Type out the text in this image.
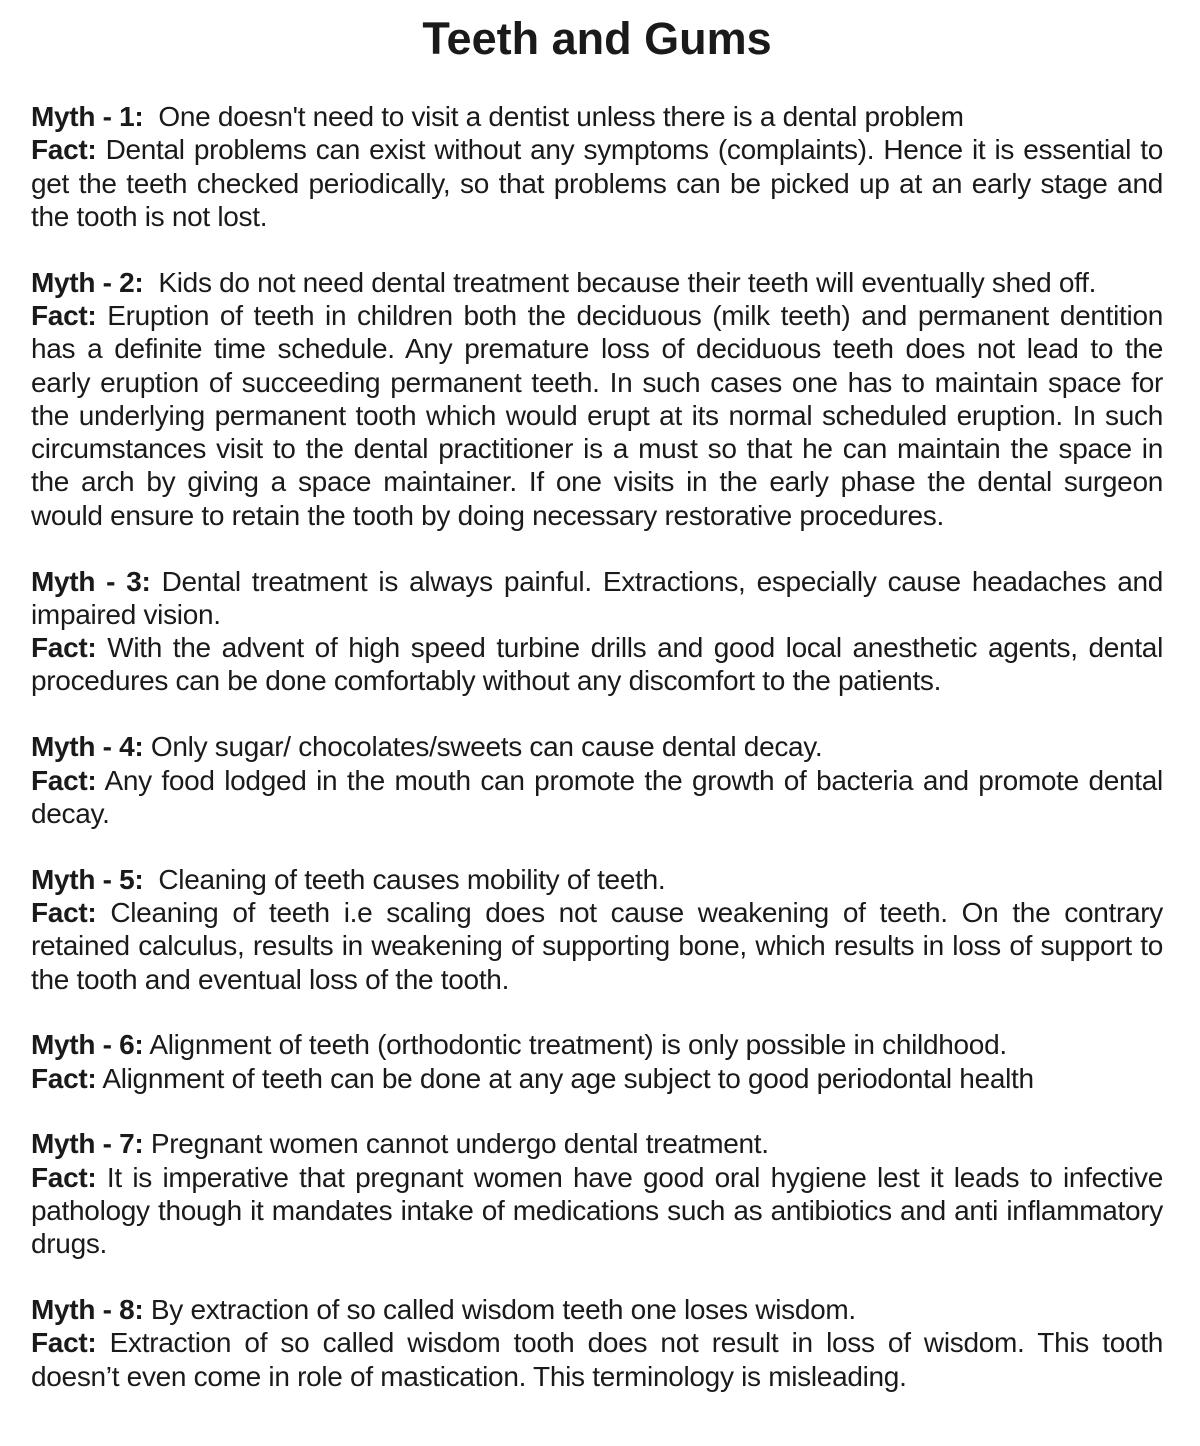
Teeth and Gums
Myth - 1: One doesn't need to visit a dentist unless there is a dental problem
Fact: Dental problems can exist without any symptoms (complaints). Hence it is essential to get the teeth checked periodically, so that problems can be picked up at an early stage and the tooth is not lost.
Myth - 2: Kids do not need dental treatment because their teeth will eventually shed off.
Fact: Eruption of teeth in children both the deciduous (milk teeth) and permanent dentition has a definite time schedule. Any premature loss of deciduous teeth does not lead to the early eruption of succeeding permanent teeth. In such cases one has to maintain space for the underlying permanent tooth which would erupt at its normal scheduled eruption. In such circumstances visit to the dental practitioner is a must so that he can maintain the space in the arch by giving a space maintainer. If one visits in the early phase the dental surgeon would ensure to retain the tooth by doing necessary restorative procedures.
Myth - 3: Dental treatment is always painful. Extractions, especially cause headaches and impaired vision.
Fact: With the advent of high speed turbine drills and good local anesthetic agents, dental procedures can be done comfortably without any discomfort to the patients.
Myth - 4: Only sugar/ chocolates/sweets can cause dental decay.
Fact: Any food lodged in the mouth can promote the growth of bacteria and promote dental decay.
Myth - 5: Cleaning of teeth causes mobility of teeth.
Fact: Cleaning of teeth i.e scaling does not cause weakening of teeth. On the contrary retained calculus, results in weakening of supporting bone, which results in loss of support to the tooth and eventual loss of the tooth.
Myth - 6: Alignment of teeth (orthodontic treatment) is only possible in childhood.
Fact: Alignment of teeth can be done at any age subject to good periodontal health
Myth - 7: Pregnant women cannot undergo dental treatment.
Fact: It is imperative that pregnant women have good oral hygiene lest it leads to infective pathology though it mandates intake of medications such as antibiotics and anti inflammatory drugs.
Myth - 8: By extraction of so called wisdom teeth one loses wisdom.
Fact: Extraction of so called wisdom tooth does not result in loss of wisdom. This tooth doesn’t even come in role of mastication. This terminology is misleading.
